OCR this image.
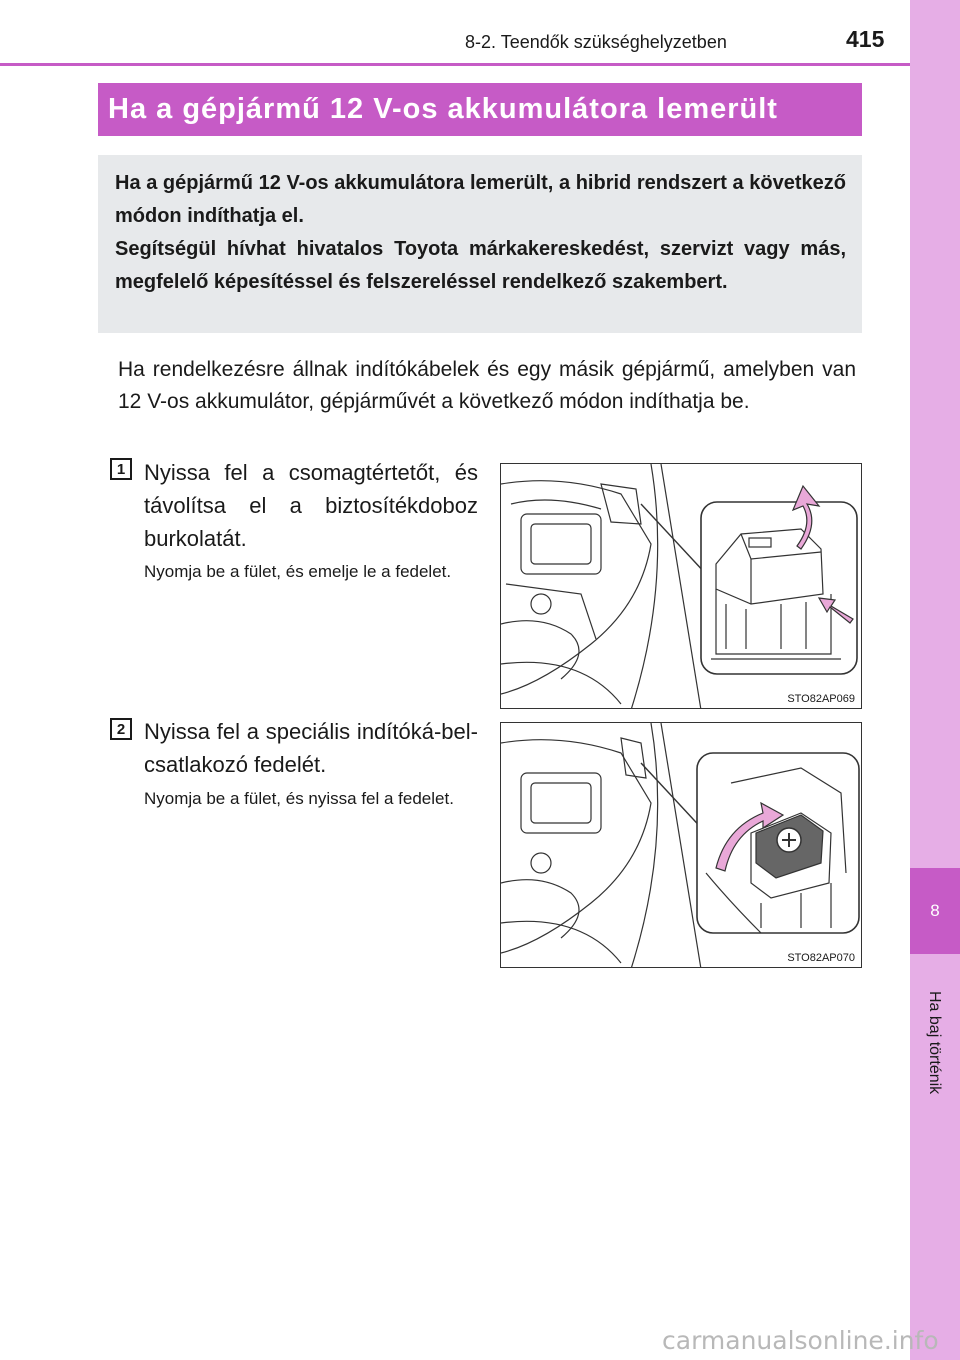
8
Ha baj történik
8-2. Teendők szükséghelyzetben	415
Ha a gépjármű 12 V-os akkumulátora lemerült

Ha a gépjármű 12 V-os akkumulátora lemerült, a hibrid rendszert a következő módon indíthatja el.

Segítségül hívhat hivatalos Toyota márkakereskedést, szervizt vagy más, megfelelő képesítéssel és felszereléssel rendelkező szakembert.

Ha rendelkezésre állnak indítókábelek és egy másik gépjármű, amelyben van 12 V-os akkumulátor, gépjárművét a következő módon indíthatja be.

1 Nyissa fel a csomagtértetőt, és távolítsa el a biztosítékdoboz burkolatát.

Nyomja be a fület, és emelje le a fedelet.

STO82AP069
2 Nyissa fel a speciális indítóká-bel-csatlakozó fedelét.

Nyomja be a fület, és nyissa fel a fedelet.

STO82AP070
carmanualsonline.info
